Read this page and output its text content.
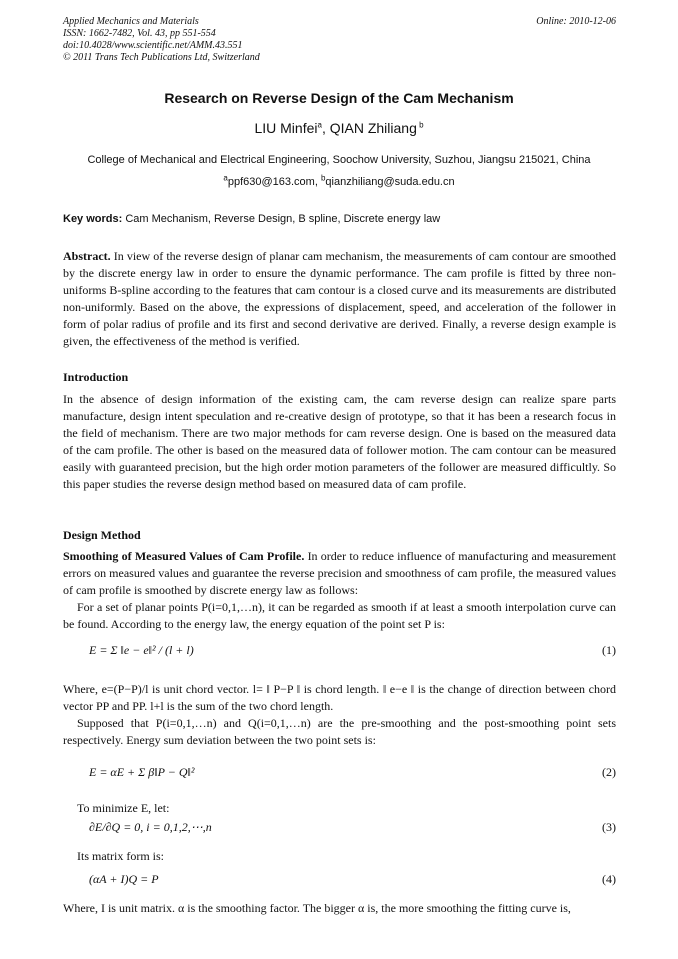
Applied Mechanics and Materials
ISSN: 1662-7482, Vol. 43, pp 551-554
doi:10.4028/www.scientific.net/AMM.43.551
© 2011 Trans Tech Publications Ltd, Switzerland
Online: 2010-12-06
Research on Reverse Design of the Cam Mechanism
LIU Minfei$^a$, QIAN Zhiliang $^b$
College of Mechanical and Electrical Engineering, Soochow University, Suzhou, Jiangsu 215021, China
$^a$ppf630@163.com, $^b$qianzhiliang@suda.edu.cn
Key words: Cam Mechanism, Reverse Design, B spline, Discrete energy law
Abstract. In view of the reverse design of planar cam mechanism, the measurements of cam contour are smoothed by the discrete energy law in order to ensure the dynamic performance. The cam profile is fitted by three non-uniforms B-spline according to the features that cam contour is a closed curve and its measurements are distributed non-uniformly. Based on the above, the expressions of displacement, speed, and acceleration of the follower in form of polar radius of profile and its first and second derivative are derived. Finally, a reverse design example is given, the effectiveness of the method is verified.
Introduction
In the absence of design information of the existing cam, the cam reverse design can realize spare parts manufacture, design intent speculation and re-creative design of prototype, so that it has been a research focus in the field of mechanism. There are two major methods for cam reverse design. One is based on the measured data of the cam profile. The other is based on the measured data of follower motion. The cam contour can be measured easily with guaranteed precision, but the high order motion parameters of the follower are measured difficultly. So this paper studies the reverse design method based on measured data of cam profile.
Design Method
Smoothing of Measured Values of Cam Profile. In order to reduce influence of manufacturing and measurement errors on measured values and guarantee the reverse precision and smoothness of cam profile, the measured values of cam profile is smoothed by discrete energy law as follows:
For a set of planar points P(i=0,1,…n), it can be regarded as smooth if at least a smooth interpolation curve can be found. According to the energy law, the energy equation of the point set P is:
E = Σ ‖e − e‖² / (l + l)	(1)
Where, e=(P−P)/l is unit chord vector. l= ‖ P−P ‖ is chord length. ‖ e−e ‖ is the change of direction between chord vector PP and PP. l+l is the sum of the two chord length.
Supposed that P(i=0,1,…n) and Q(i=0,1,…n) are the pre-smoothing and the post-smoothing point sets respectively. Energy sum deviation between the two point sets is:
E = αE + Σ β‖P − Q‖²	(2)
To minimize E, let:
∂E/∂Q = 0, i = 0,1,2,⋯,n	(3)
Its matrix form is:
(αA + I)Q = P	(4)
Where, I is unit matrix. α is the smoothing factor. The bigger α is, the more smoothing the fitting curve is,
